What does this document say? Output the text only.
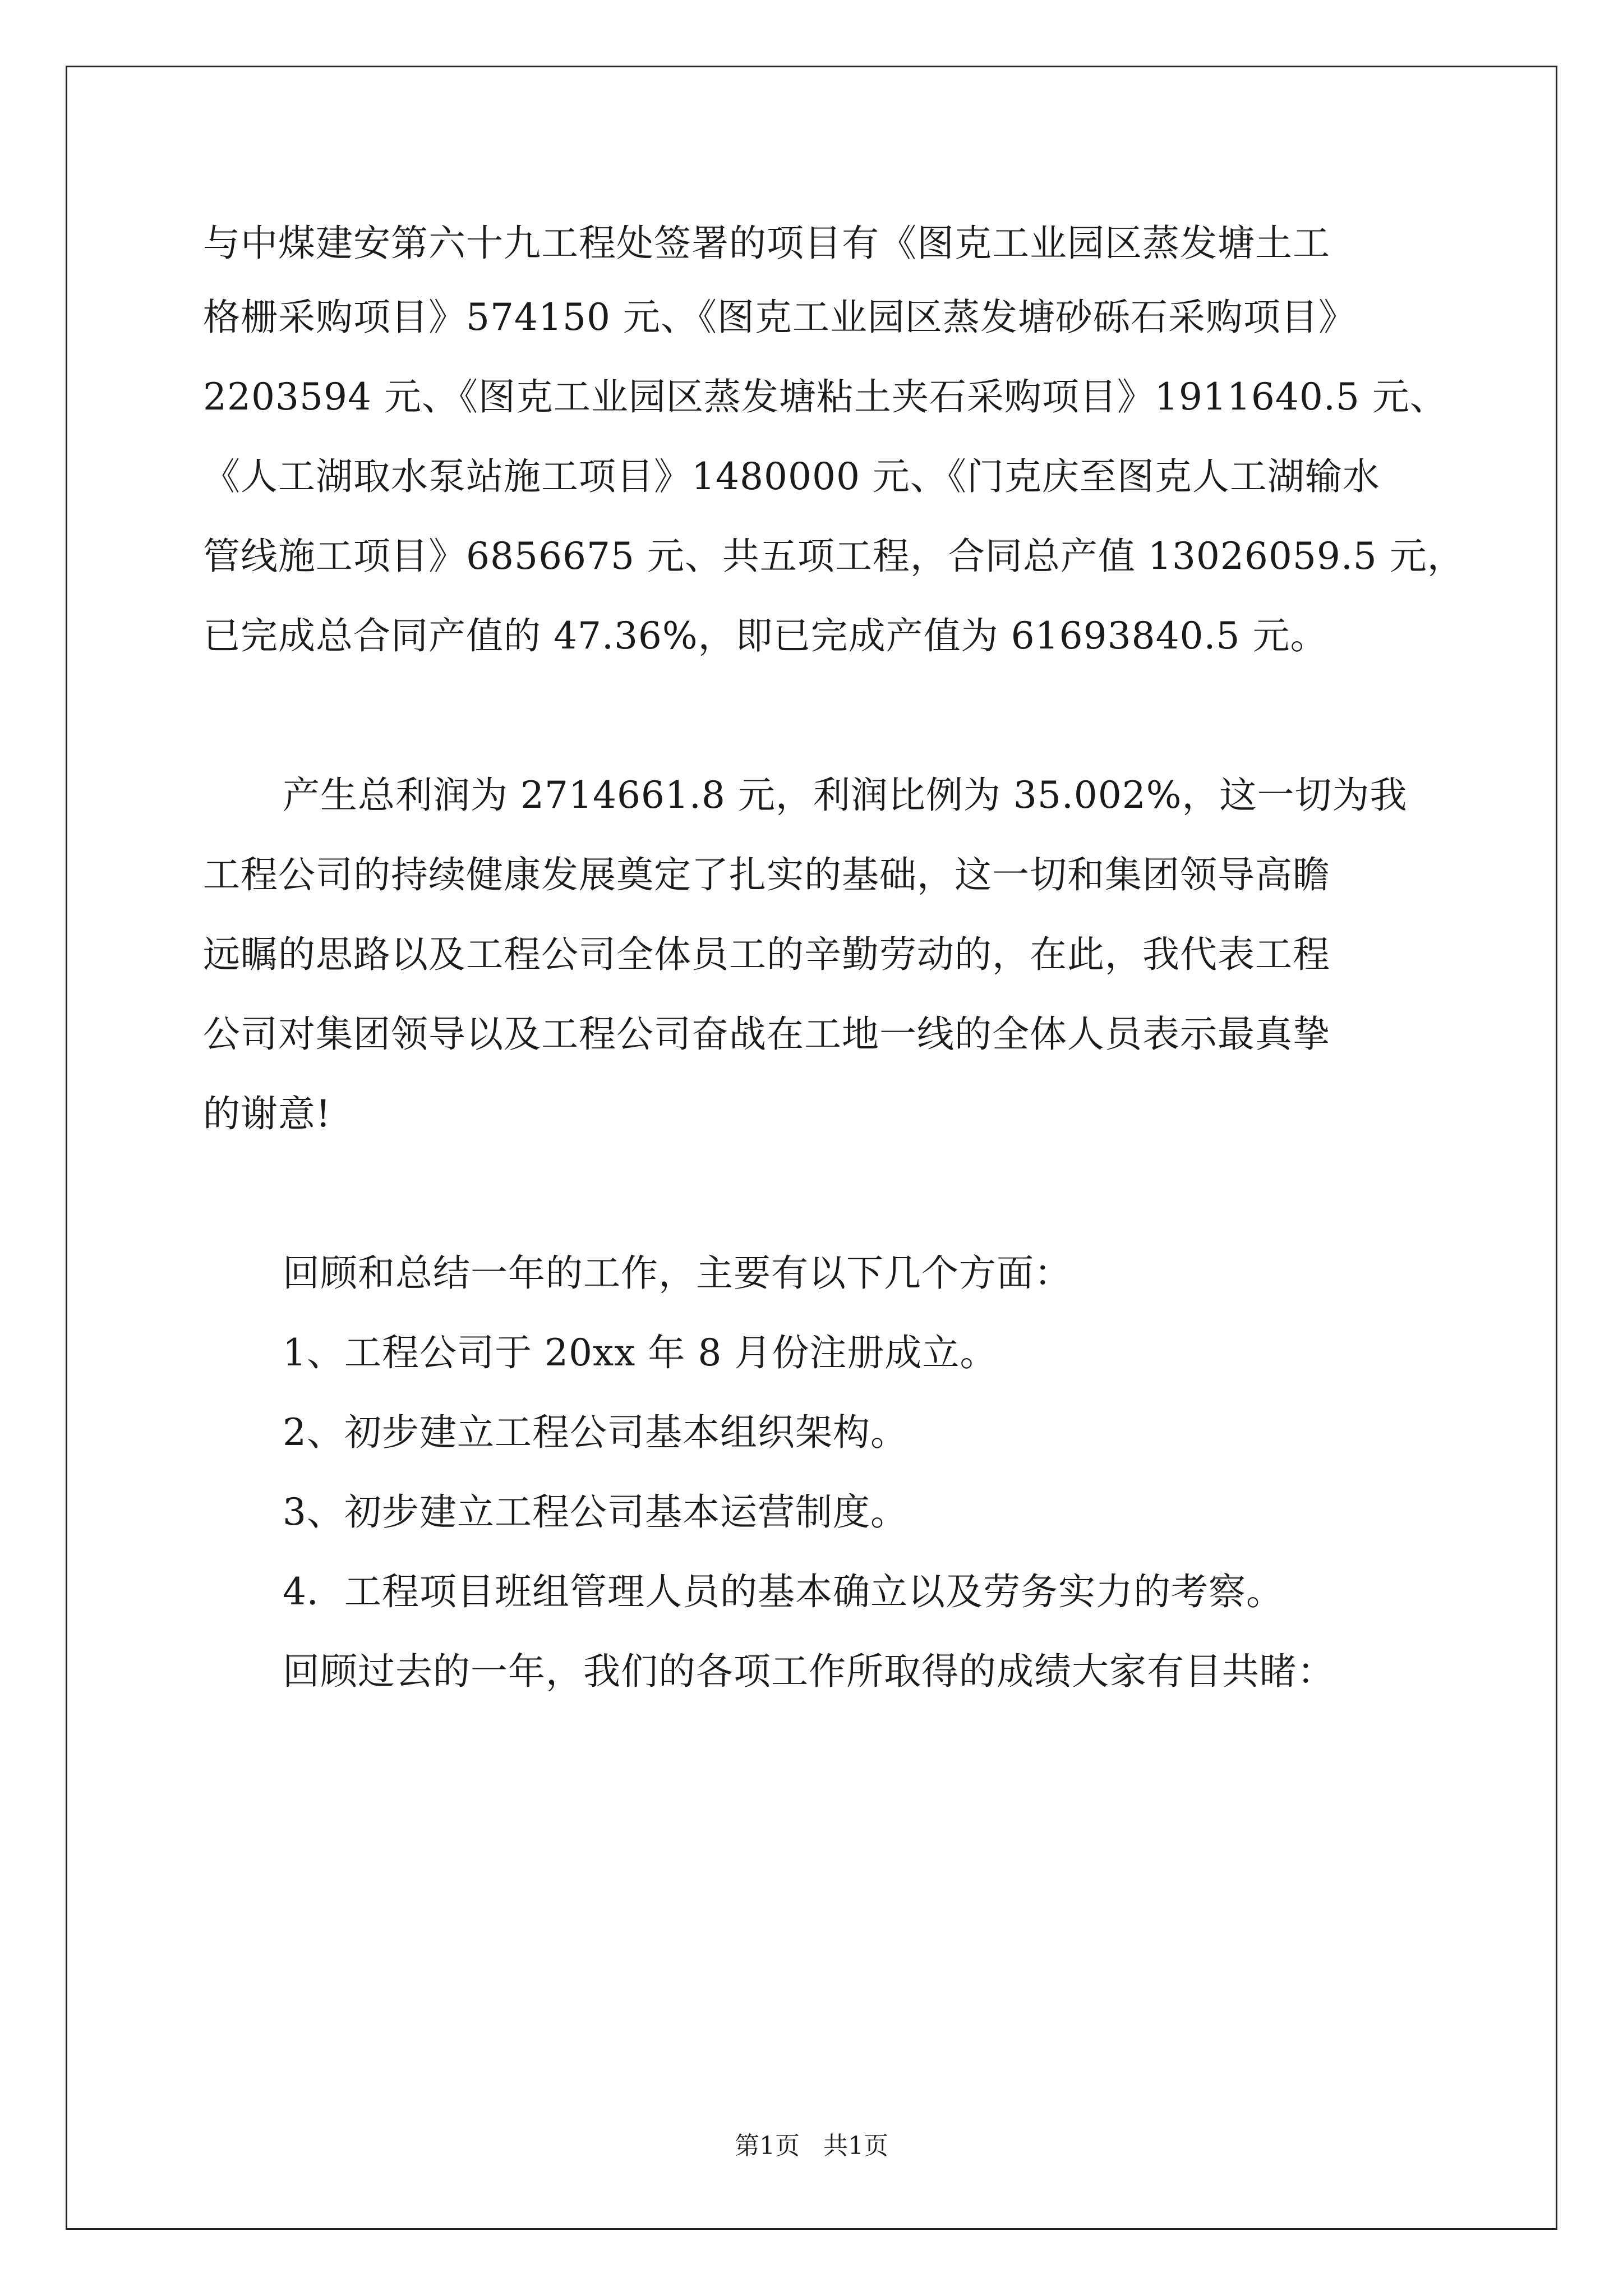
与中煤建安第六十九工程处签署的项目有《图克工业园区蒸发塘土工
格栅采购项目》574150 元、《图克工业园区蒸发塘砂砾石采购项目》
2203594 元、《图克工业园区蒸发塘粘土夹石采购项目》1911640.5 元、
《人工湖取水泵站施工项目》1480000 元、《门克庆至图克人工湖输水
管线施工项目》6856675 元、共五项工程，合同总产值 13026059.5 元，
已完成总合同产值的 47.36%，即已完成产值为 61693840.5 元。
产生总利润为 2714661.8 元，利润比例为 35.002%，这一切为我
工程公司的持续健康发展奠定了扎实的基础，这一切和集团领导高瞻
远瞩的思路以及工程公司全体员工的辛勤劳动的，在此，我代表工程
公司对集团领导以及工程公司奋战在工地一线的全体人员表示最真挚
的谢意!
回顾和总结一年的工作，主要有以下几个方面：
1、工程公司于 20xx 年 8 月份注册成立。
2、初步建立工程公司基本组织架构。
3、初步建立工程公司基本运营制度。
4．工程项目班组管理人员的基本确立以及劳务实力的考察。
回顾过去的一年，我们的各项工作所取得的成绩大家有目共睹：
第1页   共1页
